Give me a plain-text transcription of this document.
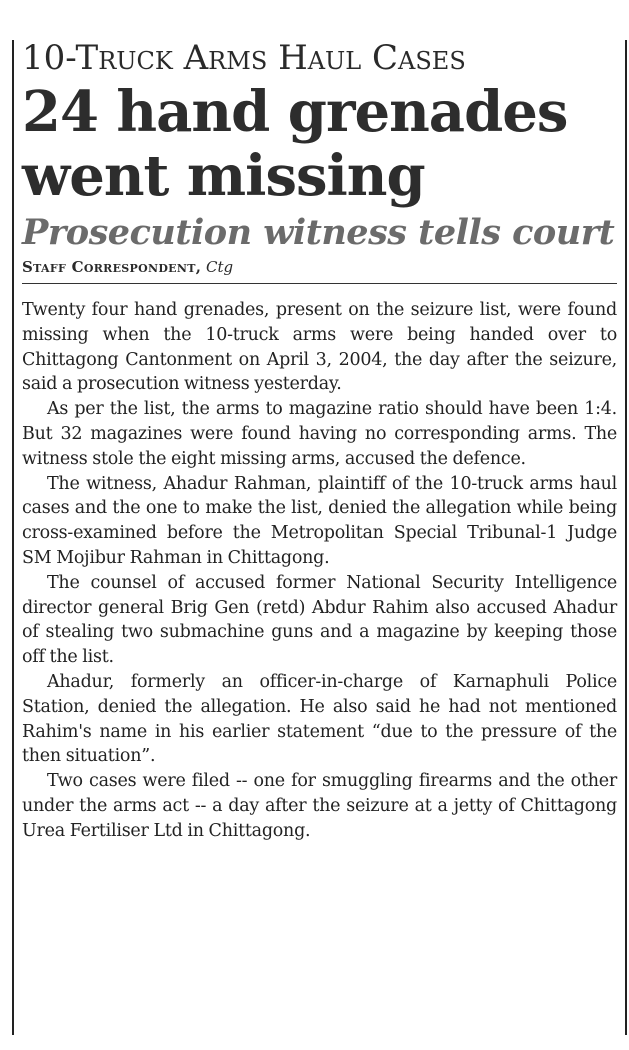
10-Truck Arms Haul Cases
24 hand grenades went missing
Prosecution witness tells court
Staff Correspondent, Ctg

Twenty four hand grenades, present on the seizure list, were found missing when the 10-truck arms were being handed over to Chittagong Cantonment on April 3, 2004, the day after the seizure, said a prosecution witness yesterday.

As per the list, the arms to magazine ratio should have been 1:4. But 32 magazines were found having no corresponding arms. The witness stole the eight missing arms, accused the defence.

The witness, Ahadur Rahman, plaintiff of the 10-truck arms haul cases and the one to make the list, denied the allegation while being cross-examined before the Metropolitan Special Tribunal-1 Judge SM Mojibur Rahman in Chittagong.

The counsel of accused former National Security Intelligence director general Brig Gen (retd) Abdur Rahim also accused Ahadur of stealing two submachine guns and a magazine by keeping those off the list.

Ahadur, formerly an officer-in-charge of Karnaphuli Police Station, denied the allegation. He also said he had not mentioned Rahim's name in his earlier statement “due to the pressure of the then situation”.

Two cases were filed -- one for smuggling firearms and the other under the arms act -- a day after the seizure at a jetty of Chittagong Urea Fertiliser Ltd in Chittagong.
